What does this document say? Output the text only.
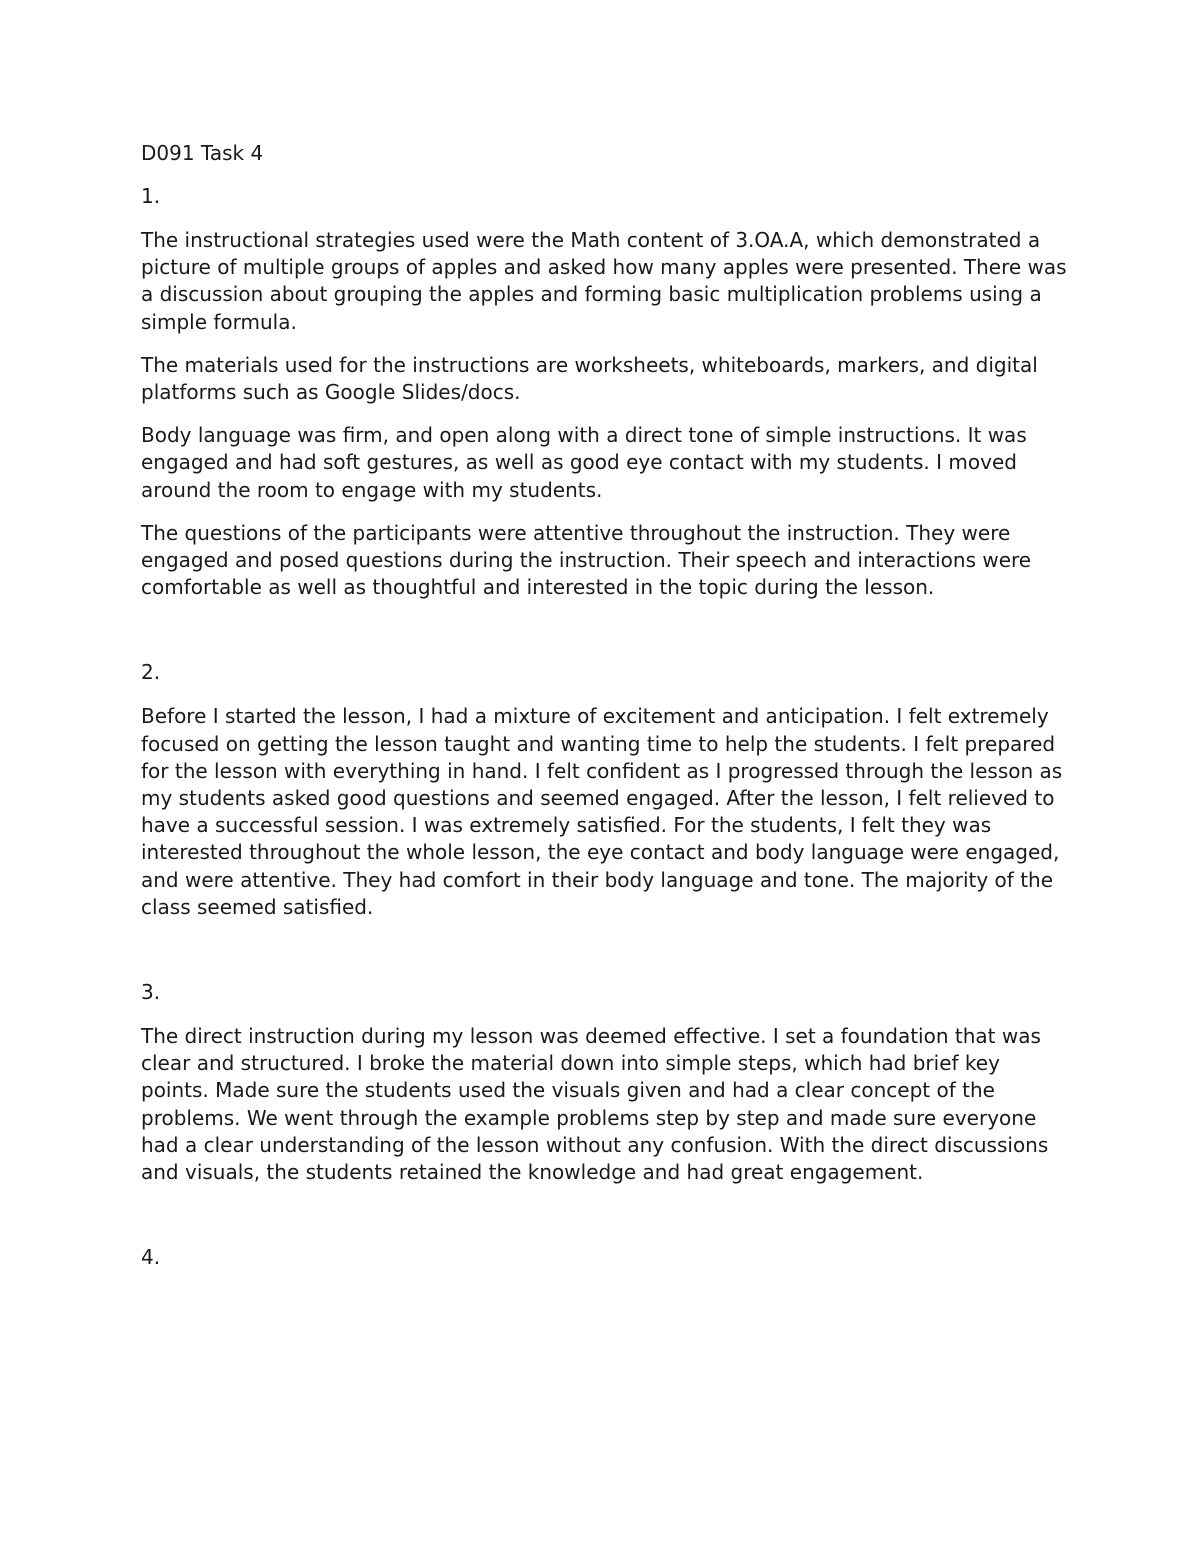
D091 Task 4

1.

The instructional strategies used were the Math content of 3.OA.A, which demonstrated a picture of multiple groups of apples and asked how many apples were presented. There was a discussion about grouping the apples and forming basic multiplication problems using a simple formula.

The materials used for the instructions are worksheets, whiteboards, markers, and digital platforms such as Google Slides/docs.

Body language was firm, and open along with a direct tone of simple instructions. It was engaged and had soft gestures, as well as good eye contact with my students. I moved around the room to engage with my students.

The questions of the participants were attentive throughout the instruction. They were engaged and posed questions during the instruction. Their speech and interactions were comfortable as well as thoughtful and interested in the topic during the lesson.

2.

Before I started the lesson, I had a mixture of excitement and anticipation. I felt extremely focused on getting the lesson taught and wanting time to help the students. I felt prepared for the lesson with everything in hand. I felt confident as I progressed through the lesson as my students asked good questions and seemed engaged. After the lesson, I felt relieved to have a successful session. I was extremely satisfied. For the students, I felt they was interested throughout the whole lesson, the eye contact and body language were engaged, and were attentive. They had comfort in their body language and tone. The majority of the class seemed satisfied.

3.

The direct instruction during my lesson was deemed effective. I set a foundation that was clear and structured. I broke the material down into simple steps, which had brief key points. Made sure the students used the visuals given and had a clear concept of the problems. We went through the example problems step by step and made sure everyone had a clear understanding of the lesson without any confusion. With the direct discussions and visuals, the students retained the knowledge and had great engagement.

4.
